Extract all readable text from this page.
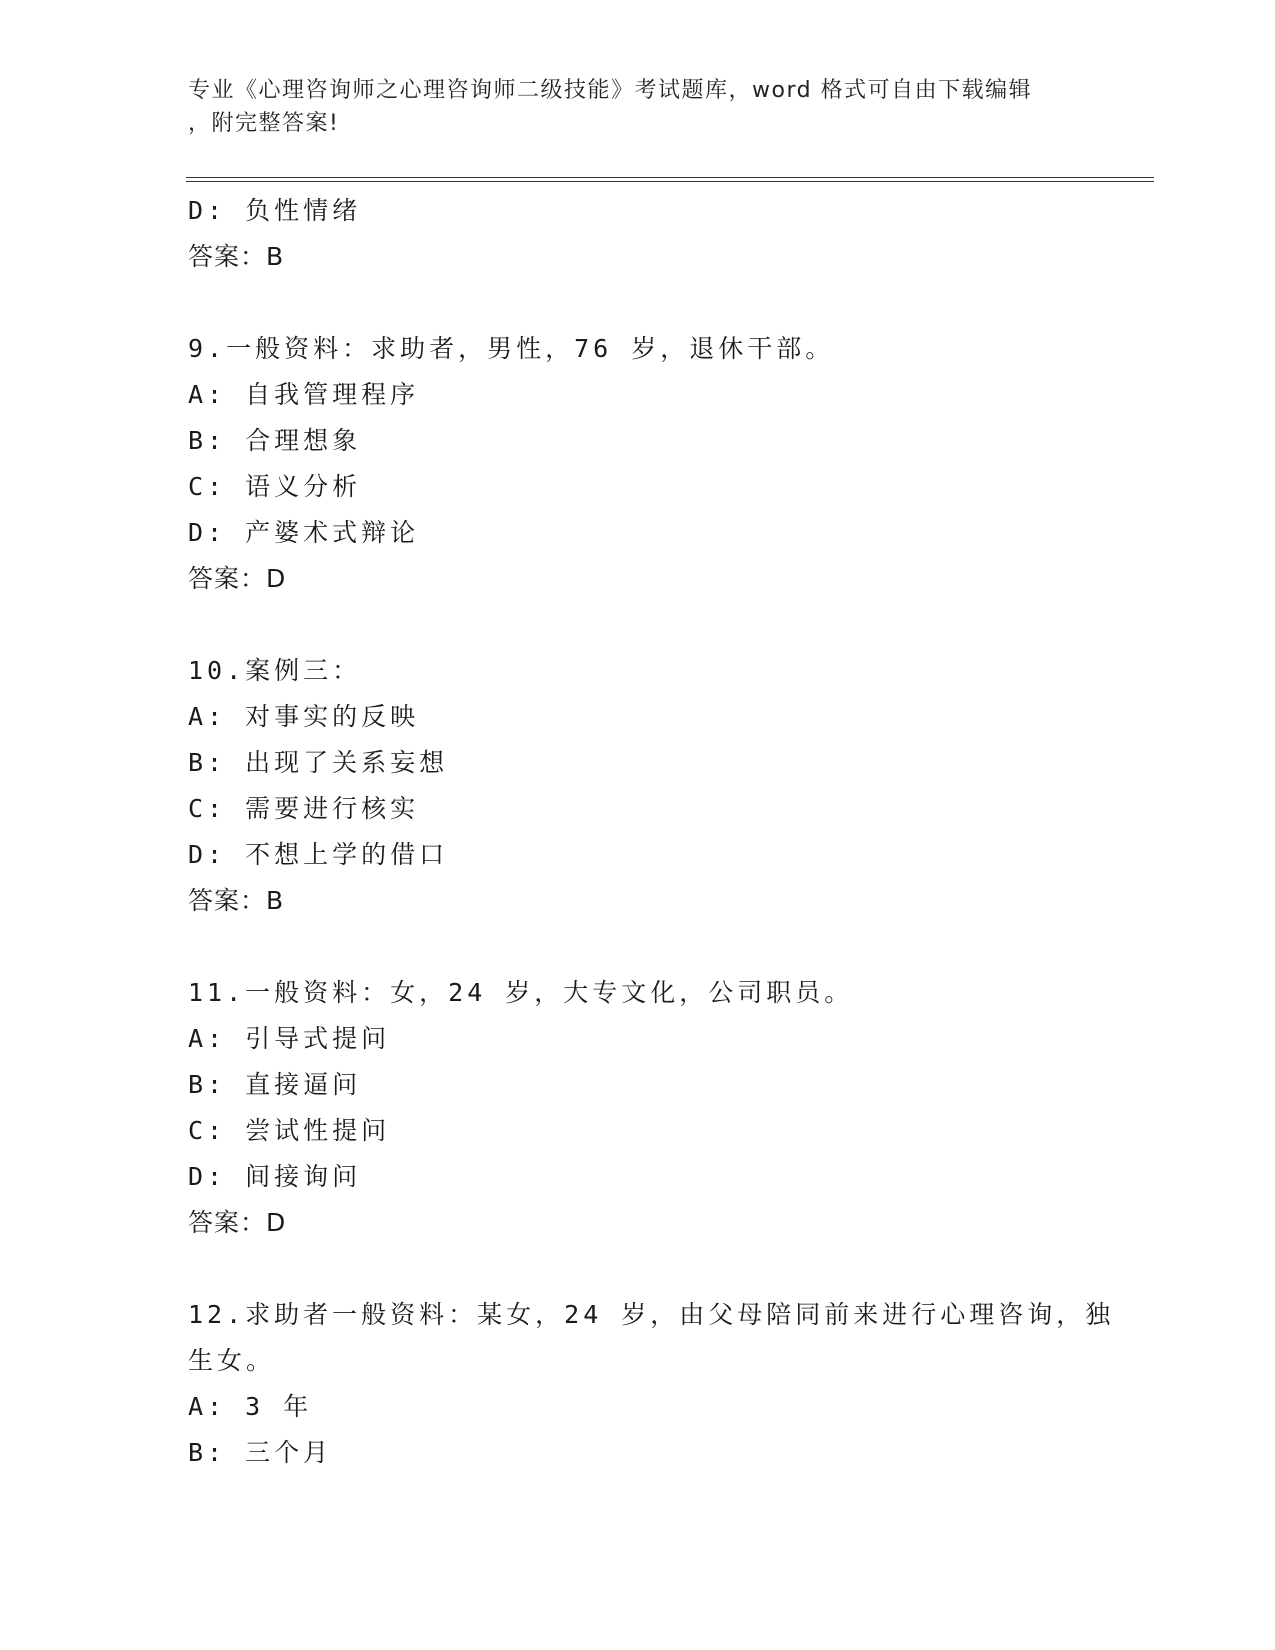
专业《心理咨询师之心理咨询师二级技能》考试题库，word 格式可自由下载编辑
，附完整答案!
D: 负性情绪
答案：B
9.一般资料：求助者，男性，76 岁，退休干部。
A: 自我管理程序
B: 合理想象
C: 语义分析
D: 产婆术式辩论
答案：D
10.案例三：
A: 对事实的反映
B: 出现了关系妄想
C: 需要进行核实
D: 不想上学的借口
答案：B
11.一般资料：女，24 岁，大专文化，公司职员。
A: 引导式提问
B: 直接逼问
C: 尝试性提问
D: 间接询问
答案：D
12.求助者一般资料：某女，24 岁，由父母陪同前来进行心理咨询，独
生女。
A: 3 年
B: 三个月
